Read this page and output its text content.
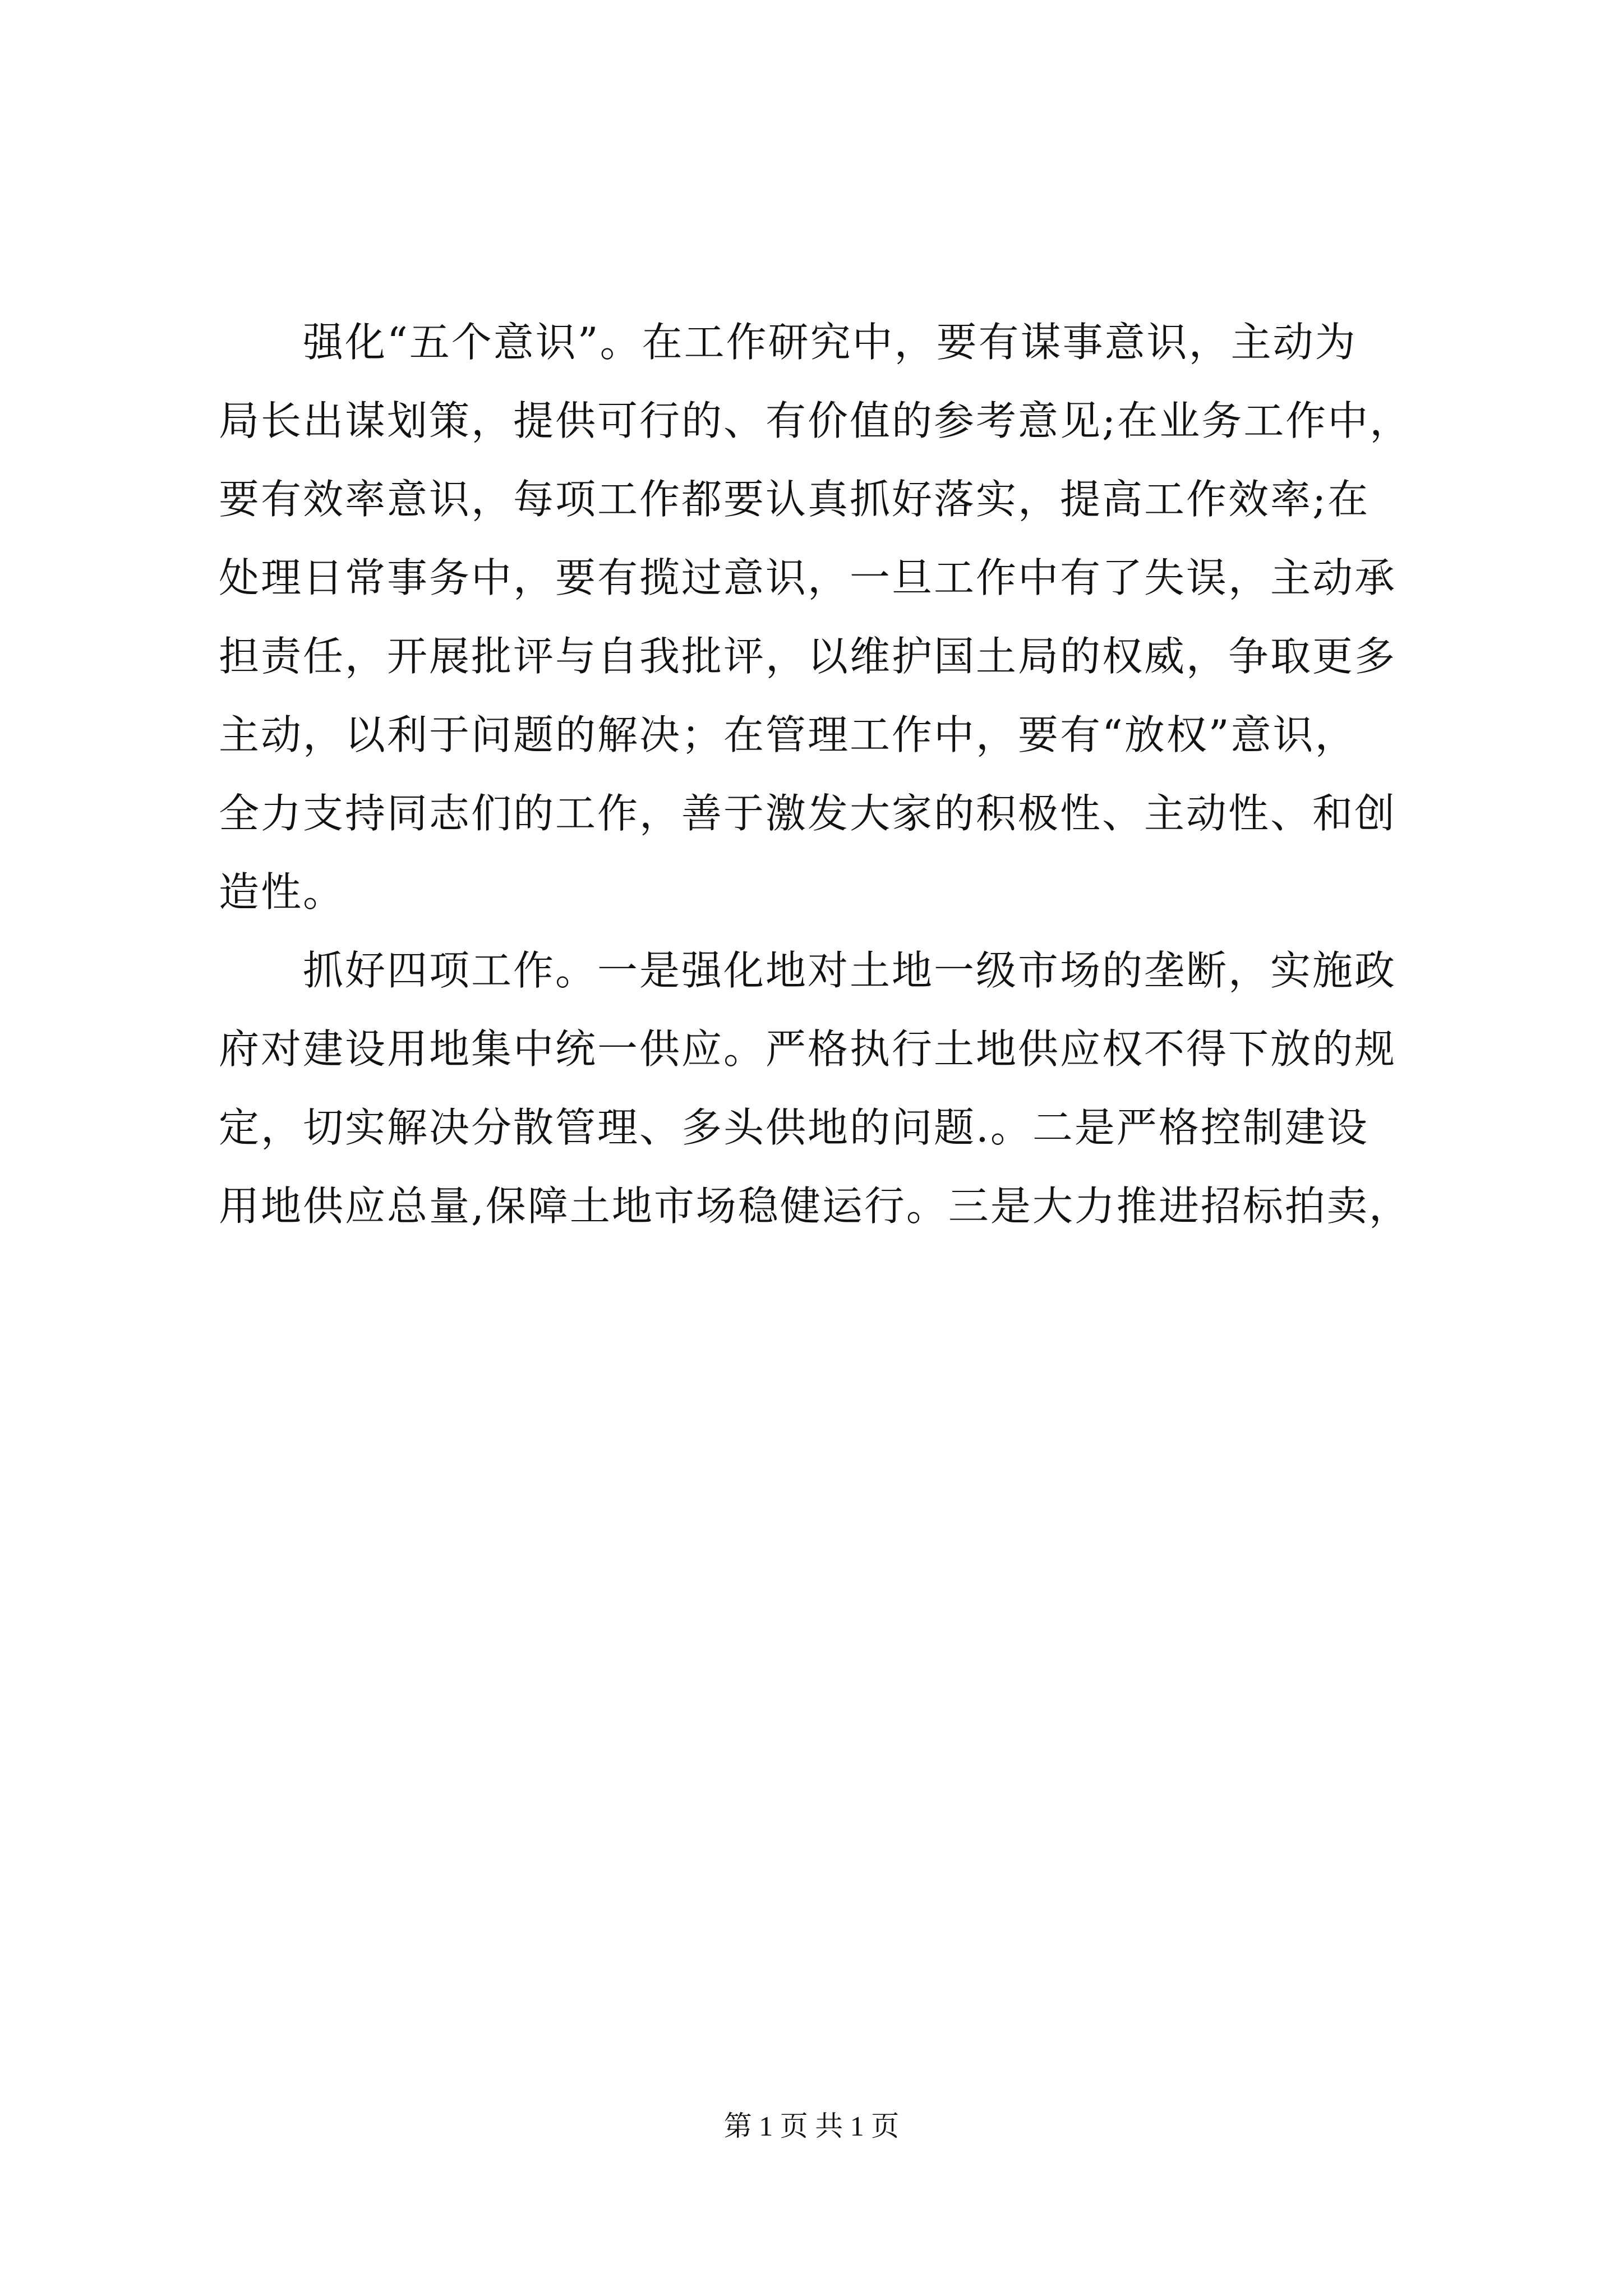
强化“五个意识”。在工作研究中，要有谋事意识，主动为
局长出谋划策，提供可行的、有价值的参考意见;在业务工作中，
要有效率意识，每项工作都要认真抓好落实，提高工作效率;在
处理日常事务中，要有揽过意识，一旦工作中有了失误，主动承
担责任，开展批评与自我批评，以维护国土局的权威，争取更多
主动，以利于问题的解决；在管理工作中，要有“放权”意识，
全力支持同志们的工作，善于激发大家的积极性、主动性、和创
造性。
抓好四项工作。一是强化地对土地一级市场的垄断，实施政
府对建设用地集中统一供应。严格执行土地供应权不得下放的规
定，切实解决分散管理、多头供地的问题.。二是严格控制建设
用地供应总量,保障土地市场稳健运行。三是大力推进招标拍卖，
第 1 页 共 1 页
